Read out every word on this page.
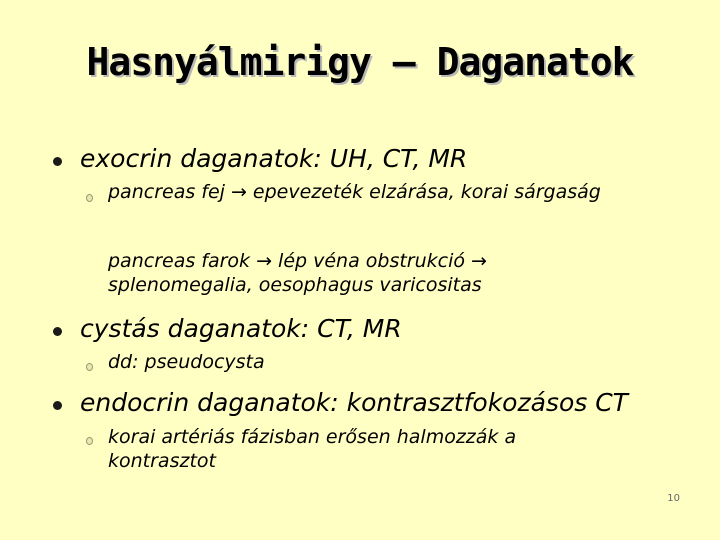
Hasnyálmirigy – Daganatok
exocrin daganatok: UH, CT, MR
pancreas fej → epevezeték elzárása, korai sárgaság
pancreas farok → lép véna obstrukció → splenomegalia, oesophagus varicositas
cystás daganatok: CT, MR
dd: pseudocysta
endocrin daganatok: kontrasztfokozásos CT
korai artériás fázisban erősen halmozzák a kontrasztot
10
